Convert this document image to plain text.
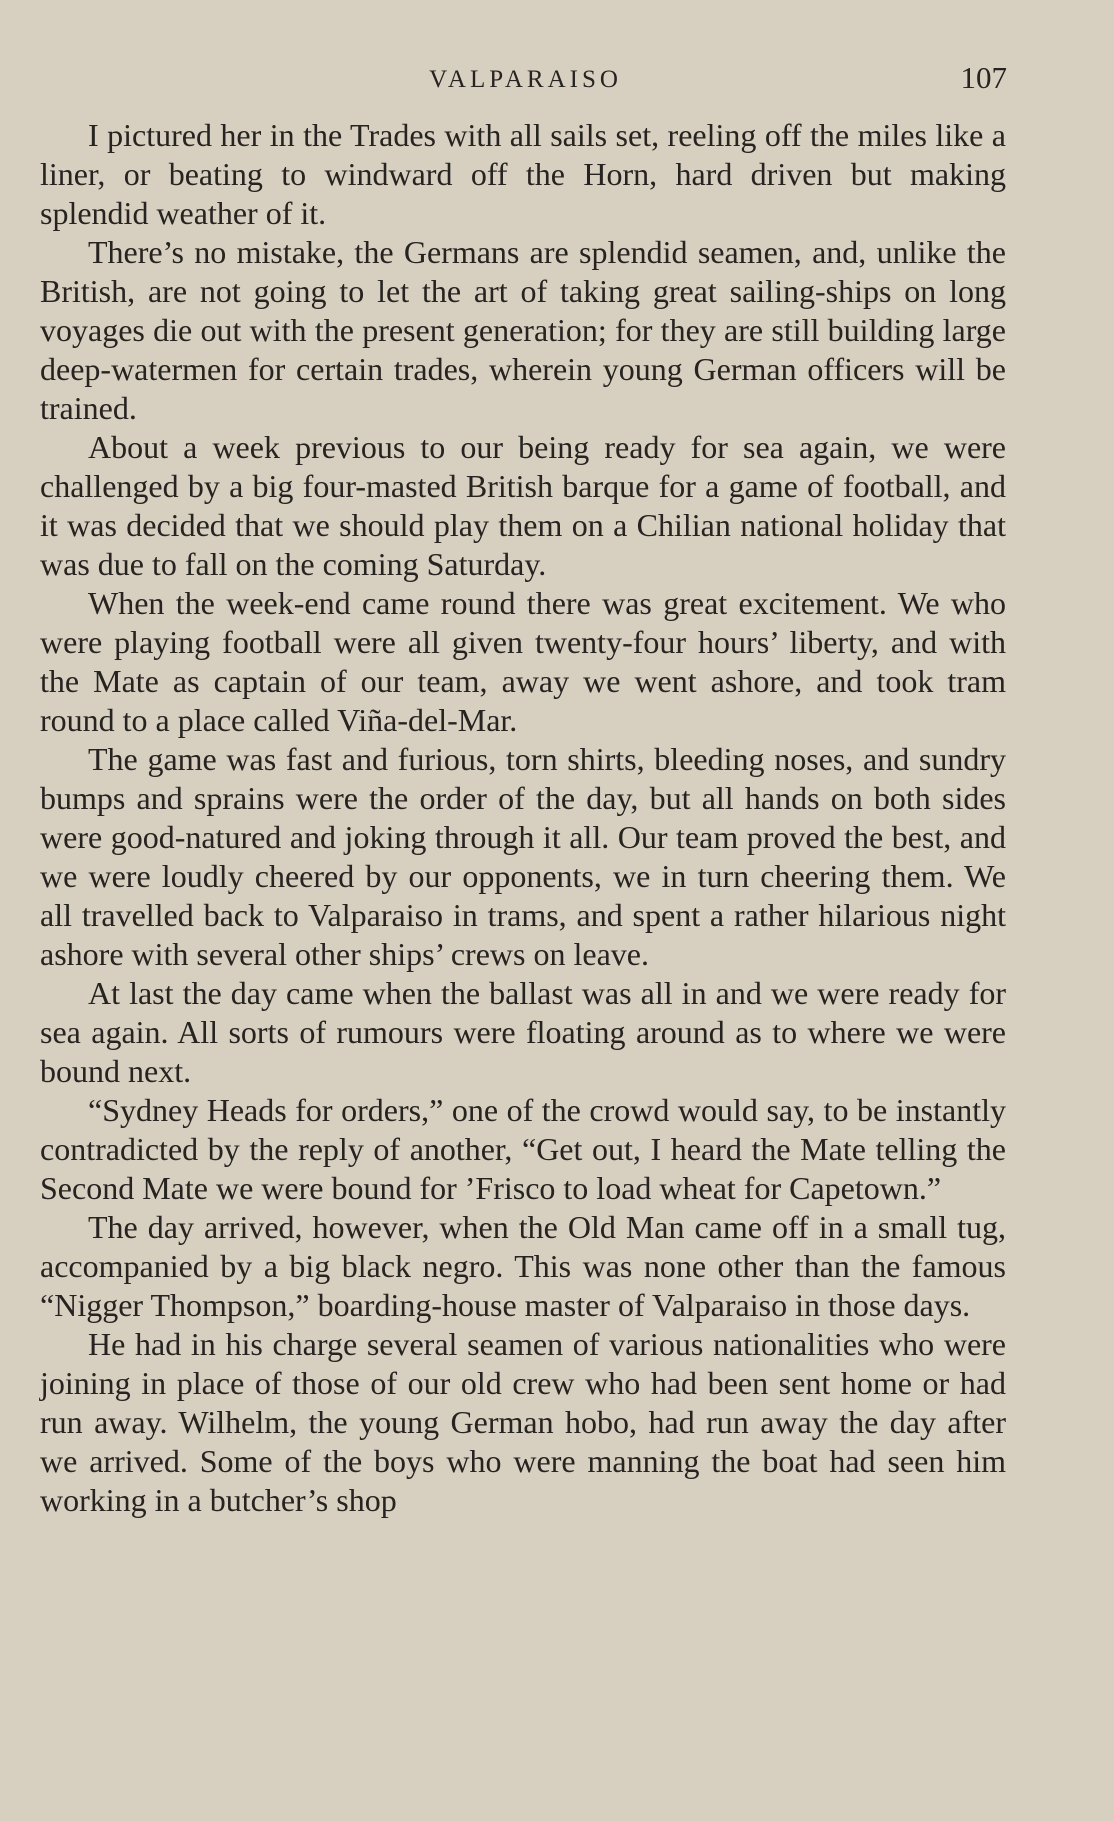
VALPARAISO	107

I pictured her in the Trades with all sails set, reeling off the miles like a liner, or beating to windward off the Horn, hard driven but making splendid weather of it.

There’s no mistake, the Germans are splendid seamen, and, unlike the British, are not going to let the art of taking great sailing-ships on long voyages die out with the present generation; for they are still building large deep-watermen for certain trades, wherein young German officers will be trained.

About a week previous to our being ready for sea again, we were challenged by a big four-masted British barque for a game of football, and it was decided that we should play them on a Chilian national holiday that was due to fall on the coming Saturday.

When the week-end came round there was great excitement. We who were playing football were all given twenty-four hours’ liberty, and with the Mate as captain of our team, away we went ashore, and took tram round to a place called Viña-del-Mar.

The game was fast and furious, torn shirts, bleeding noses, and sundry bumps and sprains were the order of the day, but all hands on both sides were good-natured and joking through it all. Our team proved the best, and we were loudly cheered by our opponents, we in turn cheering them. We all travelled back to Valparaiso in trams, and spent a rather hilarious night ashore with several other ships’ crews on leave.

At last the day came when the ballast was all in and we were ready for sea again. All sorts of rumours were floating around as to where we were bound next.

“Sydney Heads for orders,” one of the crowd would say, to be instantly contradicted by the reply of another, “Get out, I heard the Mate telling the Second Mate we were bound for ’Frisco to load wheat for Capetown.”

The day arrived, however, when the Old Man came off in a small tug, accompanied by a big black negro. This was none other than the famous “Nigger Thompson,” boarding-house master of Valparaiso in those days.

He had in his charge several seamen of various nationalities who were joining in place of those of our old crew who had been sent home or had run away. Wilhelm, the young German hobo, had run away the day after we arrived. Some of the boys who were manning the boat had seen him working in a butcher’s shop
